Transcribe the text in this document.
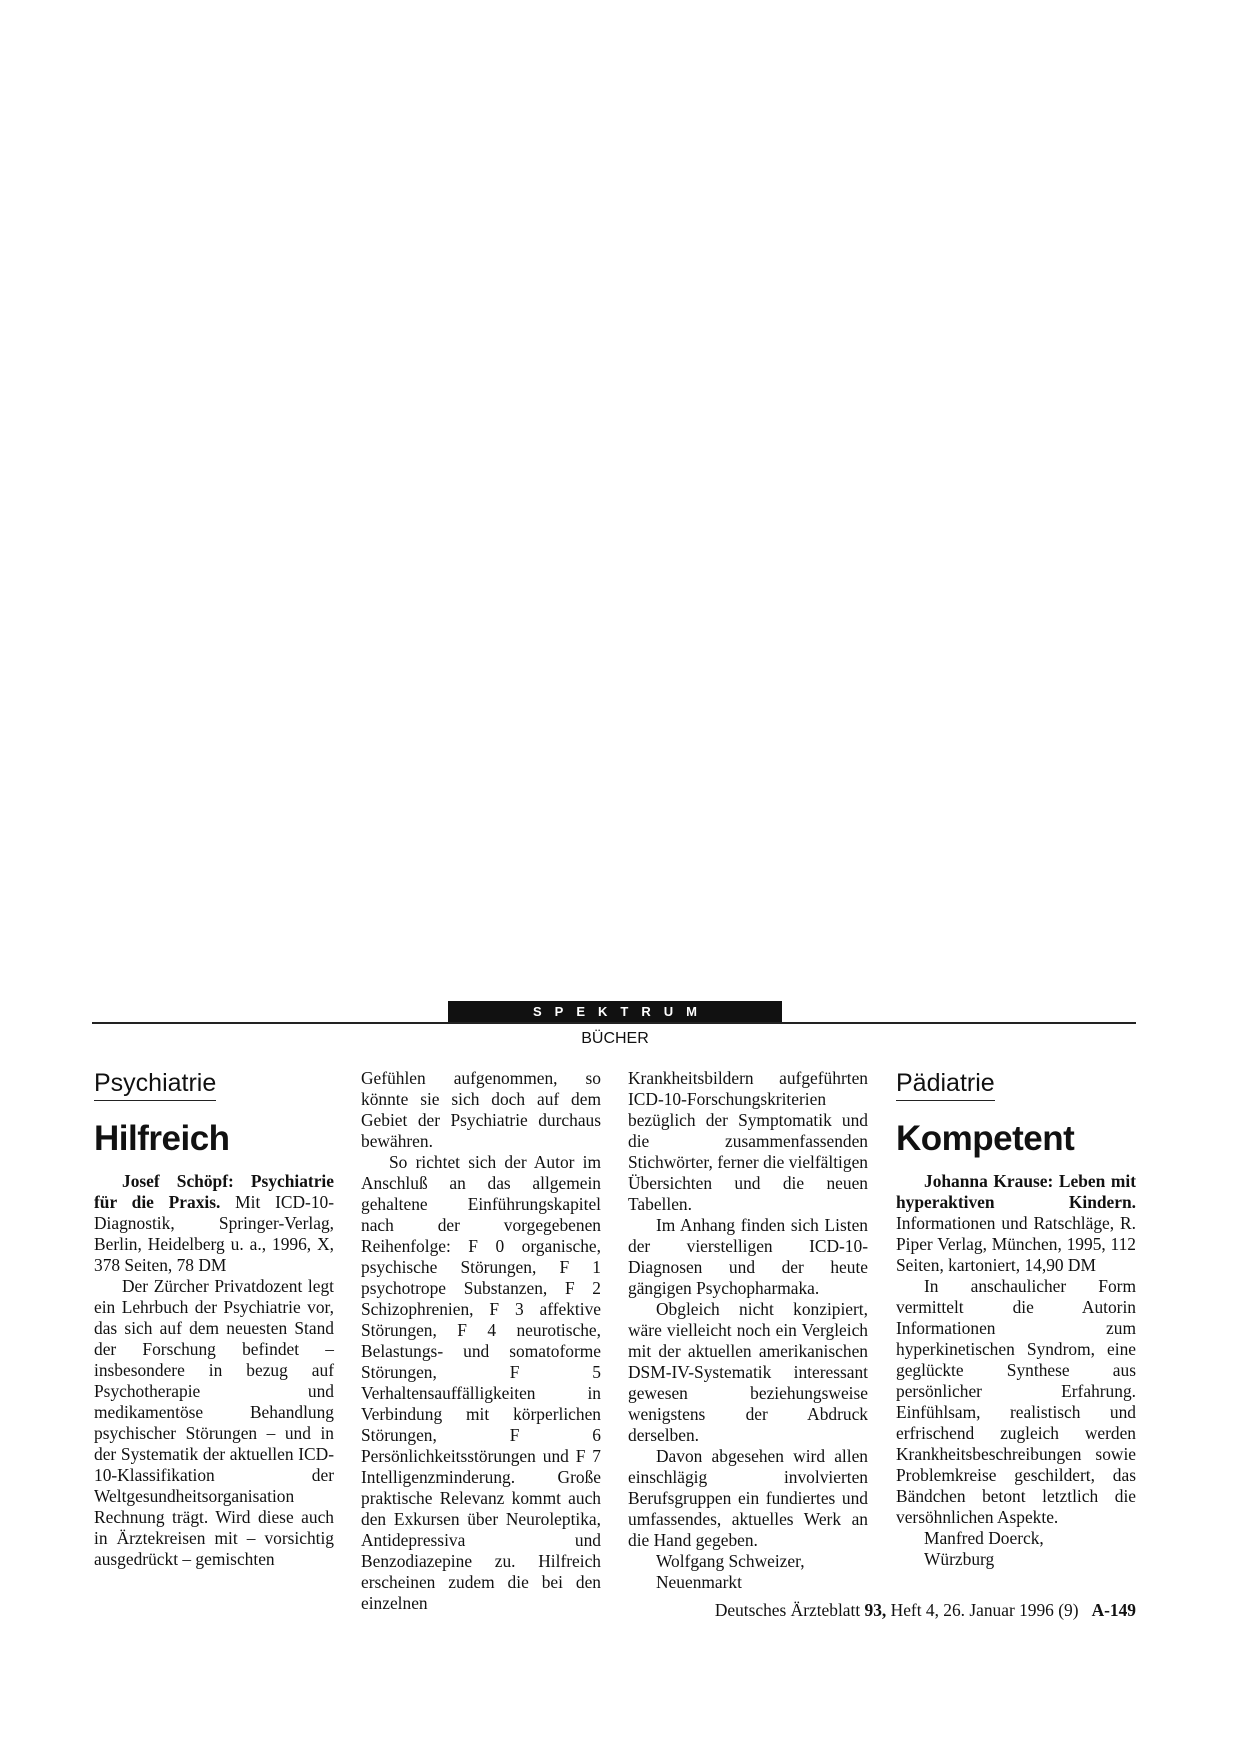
SPEKTRUM
BÜCHER
Psychiatrie
Hilfreich

Josef Schöpf: Psychiatrie für die Praxis. Mit ICD-10-Diagnostik, Springer-Verlag, Berlin, Heidelberg u. a., 1996, X, 378 Seiten, 78 DM

Der Zürcher Privatdozent legt ein Lehrbuch der Psychiatrie vor, das sich auf dem neuesten Stand der Forschung befindet – insbesondere in bezug auf Psychotherapie und medikamentöse Behandlung psychischer Störungen – und in der Systematik der aktuellen ICD-10-Klassifikation der Weltgesundheitsorganisation Rechnung trägt. Wird diese auch in Ärztekreisen mit – vorsichtig ausgedrückt – gemischten

Gefühlen aufgenommen, so könnte sie sich doch auf dem Gebiet der Psychiatrie durchaus bewähren.

So richtet sich der Autor im Anschluß an das allgemein gehaltene Einführungskapitel nach der vorgegebenen Reihenfolge: F 0 organische, psychische Störungen, F 1 psychotrope Substanzen, F 2 Schizophrenien, F 3 affektive Störungen, F 4 neurotische, Belastungs- und somatoforme Störungen, F 5 Verhaltensauffälligkeiten in Verbindung mit körperlichen Störungen, F 6 Persönlichkeitsstörungen und F 7 Intelligenzminderung. Große praktische Relevanz kommt auch den Exkursen über Neuroleptika, Antidepressiva und Benzodiazepine zu. Hilfreich erscheinen zudem die bei den einzelnen

Krankheitsbildern aufgeführten ICD-10-Forschungskriterien bezüglich der Symptomatik und die zusammenfassenden Stichwörter, ferner die vielfältigen Übersichten und die neuen Tabellen.

Im Anhang finden sich Listen der vierstelligen ICD-10-Diagnosen und der heute gängigen Psychopharmaka.

Obgleich nicht konzipiert, wäre vielleicht noch ein Vergleich mit der aktuellen amerikanischen DSM-IV-Systematik interessant gewesen beziehungsweise wenigstens der Abdruck derselben.

Davon abgesehen wird allen einschlägig involvierten Berufsgruppen ein fundiertes und umfassendes, aktuelles Werk an die Hand gegeben.

Wolfgang Schweizer,

Neuenmarkt

Pädiatrie
Kompetent

Johanna Krause: Leben mit hyperaktiven Kindern. Informationen und Ratschläge, R. Piper Verlag, München, 1995, 112 Seiten, kartoniert, 14,90 DM

In anschaulicher Form vermittelt die Autorin Informationen zum hyperkinetischen Syndrom, eine geglückte Synthese aus persönlicher Erfahrung. Einfühlsam, realistisch und erfrischend zugleich werden Krankheitsbeschreibungen sowie Problemkreise geschildert, das Bändchen betont letztlich die versöhnlichen Aspekte.

Manfred Doerck,

Würzburg

Deutsches Ärzteblatt 93, Heft 4, 26. Januar 1996 (9) A-149
